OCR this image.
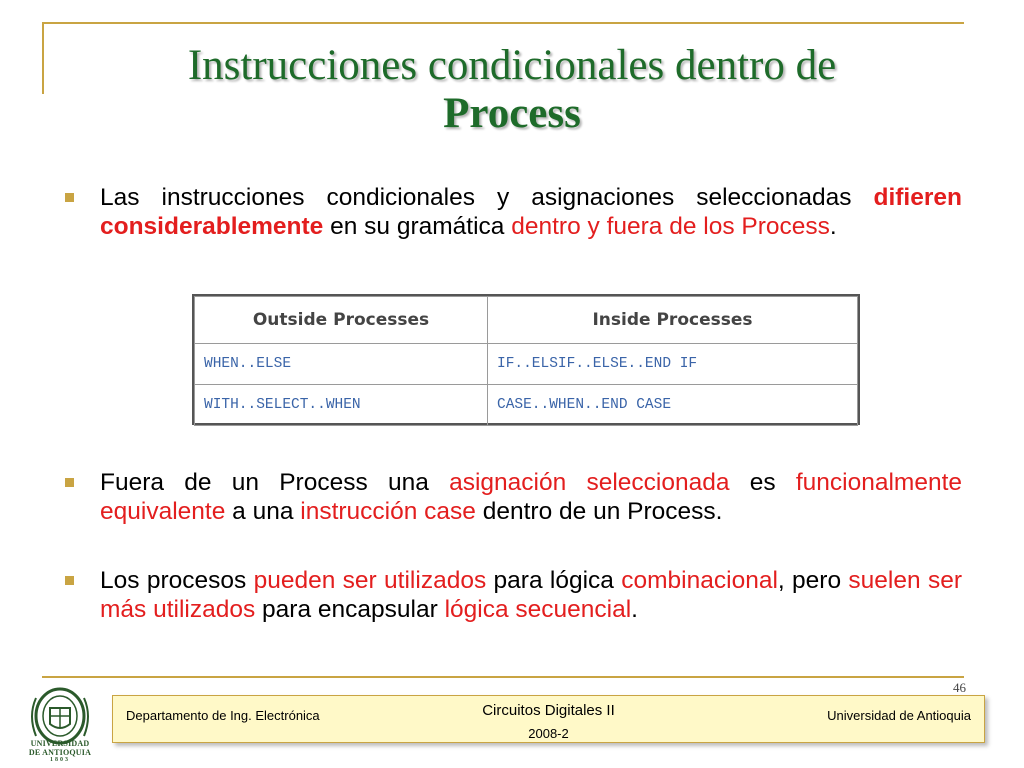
Instrucciones condicionales dentro de
Process
Las instrucciones condicionales y asignaciones seleccionadas difieren considerablemente en su gramática dentro y fuera de los Process.
Outside Processes	Inside Processes
WHEN..ELSE	IF..ELSIF..ELSE..END IF
WITH..SELECT..WHEN	CASE..WHEN..END CASE
Fuera de un Process una asignación seleccionada es funcionalmente equivalente a una instrucción case dentro de un Process.
Los procesos pueden ser utilizados para lógica combinacional, pero suelen ser más utilizados para encapsular lógica secuencial.
46
UNIVERSIDAD
DE ANTIOQUIA
1803
Departamento de Ing. Electrónica	Circuitos Digitales II
2008-2
Universidad de Antioquia
